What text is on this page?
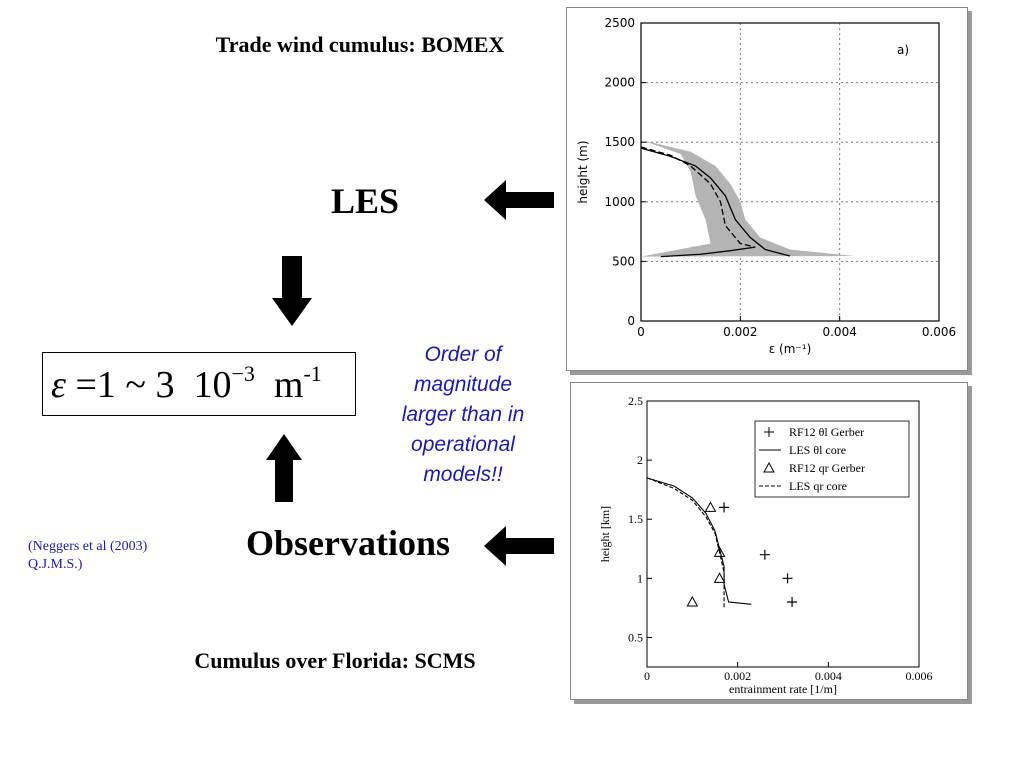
Trade wind cumulus: BOMEX
LES
Observations
Cumulus over Florida: SCMS
(Neggers et al (2003)
Q.J.M.S.)
Order of
magnitude
larger than in
operational
models!!
ε =1 ~ 3 $10^{-3}$ $m^{-1}$
0	0.002	0.004	0.006
0
500
1000
1500
2000
2500
ε (m⁻¹)
height (m)
a)
0	0.002	0.004	0.006
0.5
1
1.5
2
2.5
entrainment rate [1/m]
height [km]
RF12 θl Gerber
LES θl core
RF12 qr Gerber
LES qr core
